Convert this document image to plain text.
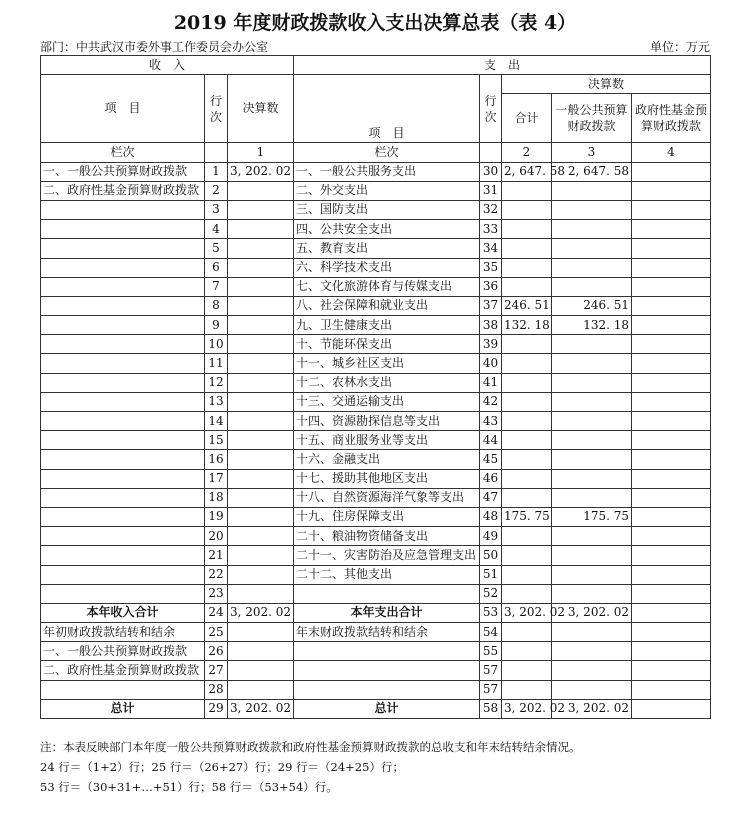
2019 年度财政拨款收入支出决算总表（表 4）
部门：中共武汉市委外事工作委员会办公室	单位：万元
收　入			支　出				
项　目	行次	决算数	项　目	行次	决算数		
					合计	一般公共预算财政拨款	政府性基金预算财政拨款
栏次		1	栏次		2	3	4
一、一般公共预算财政拨款	1	3, 202. 02	一、一般公共服务支出	30	2, 647. 58	2, 647. 58	
二、政府性基金预算财政拨款	2		二、外交支出	31			
	3		三、国防支出	32			
	4		四、公共安全支出	33			
	5		五、教育支出	34			
	6		六、科学技术支出	35			
	7		七、文化旅游体育与传媒支出	36			
	8		八、社会保障和就业支出	37	246. 51	246. 51	
	9		九、卫生健康支出	38	132. 18	132. 18	
	10		十、节能环保支出	39			
	11		十一、城乡社区支出	40			
	12		十二、农林水支出	41			
	13		十三、交通运输支出	42			
	14		十四、资源勘探信息等支出	43			
	15		十五、商业服务业等支出	44			
	16		十六、金融支出	45			
	17		十七、援助其他地区支出	46			
	18		十八、自然资源海洋气象等支出	47			
	19		十九、住房保障支出	48	175. 75	175. 75	
	20		二十、粮油物资储备支出	49			
	21		二十一、灾害防治及应急管理支出	50			
	22		二十二、其他支出	51			
	23			52			
本年收入合计	24	3, 202. 02	本年支出合计	53	3, 202. 02	3, 202. 02	
年初财政拨款结转和结余	25		年末财政拨款结转和结余	54			
一、一般公共预算财政拨款	26			55			
二、政府性基金预算财政拨款	27			57			
	28			57			
总计	29	3, 202. 02	总计	58	3, 202. 02	3, 202. 02	
注：本表反映部门本年度一般公共预算财政拨款和政府性基金预算财政拨款的总收支和年末结转结余情况。
24 行＝（1+2）行；25 行＝（26+27）行；29 行＝（24+25）行；
53 行＝（30+31+…+51）行；58 行＝（53+54）行。
